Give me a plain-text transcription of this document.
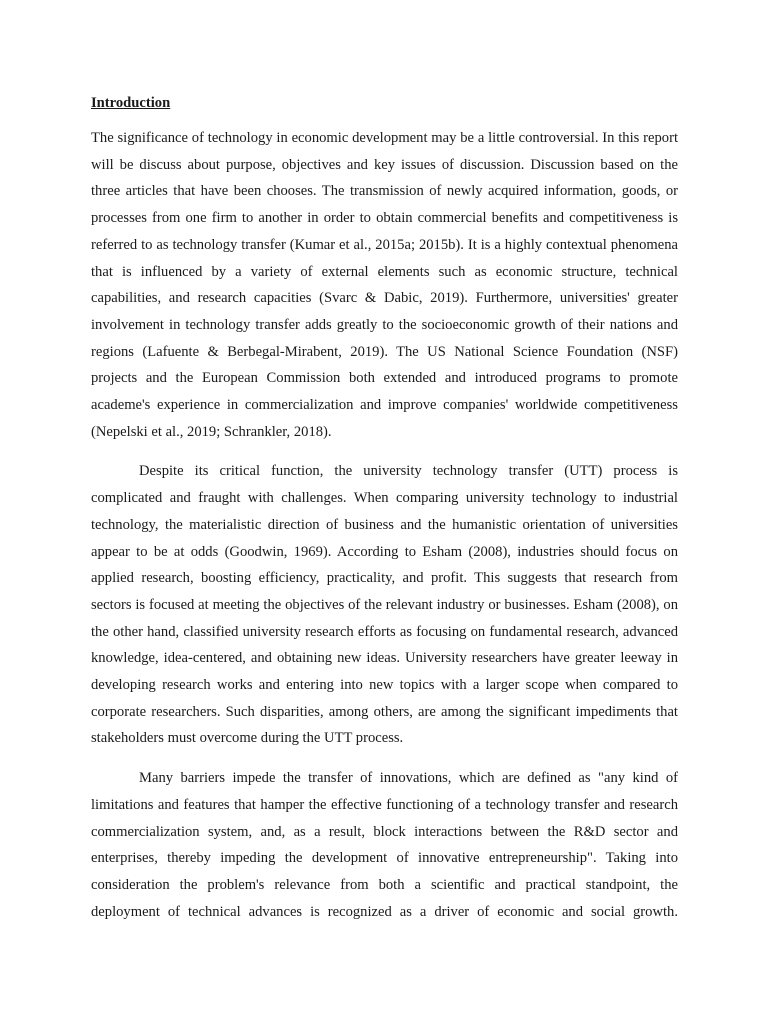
Introduction

The significance of technology in economic development may be a little controversial. In this report will be discuss about purpose, objectives and key issues of discussion. Discussion based on the three articles that have been chooses. The transmission of newly acquired information, goods, or processes from one firm to another in order to obtain commercial benefits and competitiveness is referred to as technology transfer (Kumar et al., 2015a; 2015b). It is a highly contextual phenomena that is influenced by a variety of external elements such as economic structure, technical capabilities, and research capacities (Svarc & Dabic, 2019). Furthermore, universities' greater involvement in technology transfer adds greatly to the socioeconomic growth of their nations and regions (Lafuente & Berbegal-Mirabent, 2019). The US National Science Foundation (NSF) projects and the European Commission both extended and introduced programs to promote academe's experience in commercialization and improve companies' worldwide competitiveness (Nepelski et al., 2019; Schrankler, 2018).

Despite its critical function, the university technology transfer (UTT) process is complicated and fraught with challenges. When comparing university technology to industrial technology, the materialistic direction of business and the humanistic orientation of universities appear to be at odds (Goodwin, 1969). According to Esham (2008), industries should focus on applied research, boosting efficiency, practicality, and profit. This suggests that research from sectors is focused at meeting the objectives of the relevant industry or businesses. Esham (2008), on the other hand, classified university research efforts as focusing on fundamental research, advanced knowledge, idea-centered, and obtaining new ideas. University researchers have greater leeway in developing research works and entering into new topics with a larger scope when compared to corporate researchers. Such disparities, among others, are among the significant impediments that stakeholders must overcome during the UTT process.

Many barriers impede the transfer of innovations, which are defined as "any kind of limitations and features that hamper the effective functioning of a technology transfer and research commercialization system, and, as a result, block interactions between the R&D sector and enterprises, thereby impeding the development of innovative entrepreneurship". Taking into consideration the problem's relevance from both a scientific and practical standpoint, the deployment of technical advances is recognized as a driver of economic and social growth.
